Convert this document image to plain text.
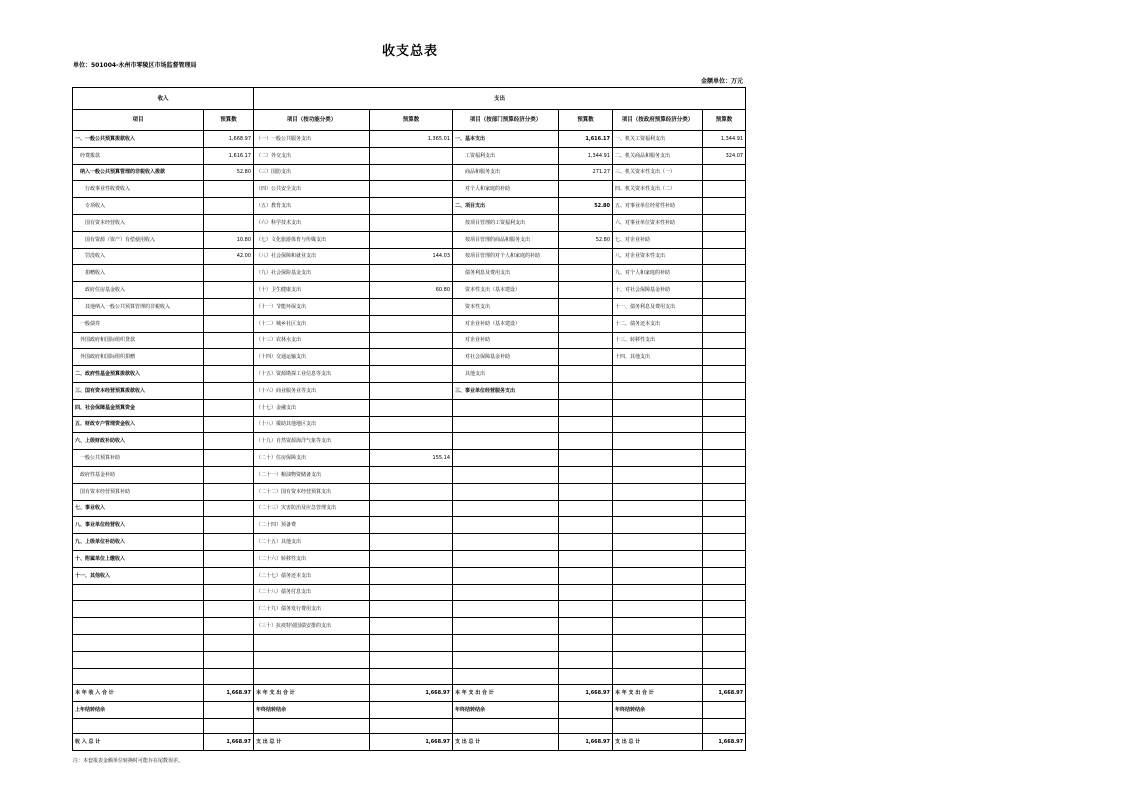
收支总表
单位：501004-永州市零陵区市场监督管理局
金额单位：万元
收入		支出					
项目	预算数	项目（按功能分类）	预算数	项目（按部门预算经济分类）	预算数	项目（按政府预算经济分类）	预算数
一、一般公共预算拨款收入	1,668.97	（一）一般公共服务支出	1,365.01	一、基本支出	1,616.17	一、机关工资福利支出	1,344.91
经费拨款	1,616.17	（二）外交支出		工资福利支出	1,344.91	二、机关商品和服务支出	324.07
纳入一般公共预算管理的非税收入拨款	52.80	（三）国防支出		商品和服务支出	271.27	三、机关资本性支出（一）	
行政事业性收费收入		（四）公共安全支出		对个人和家庭的补助		四、机关资本性支出（二）	
专项收入		（五）教育支出		二、项目支出	52.80	五、对事业单位经常性补助	
国有资本经营收入		（六）科学技术支出		按项目管理的工资福利支出		六、对事业单位资本性补助	
国有资源（资产）有偿使用收入	10.80	（七）文化旅游体育与传媒支出		按项目管理的商品和服务支出	52.80	七、对企业补助	
罚没收入	42.00	（八）社会保障和就业支出	144.03	按项目管理的对个人和家庭的补助		八、对企业资本性支出	
捐赠收入		（九）社会保险基金支出		债务利息及费用支出		九、对个人和家庭的补助	
政府住房基金收入		（十）卫生健康支出	60.80	资本性支出（基本建设）		十、对社会保障基金补助	
其他纳入一般公共预算管理的非税收入		（十一）节能环保支出		资本性支出		十一、债务利息及费用支出	
一般债券		（十二）城乡社区支出		对企业补助（基本建设）		十二、债务还本支出	
外国政府和国际组织贷款		（十三）农林水支出		对企业补助		十三、转移性支出	
外国政府和国际组织捐赠		（十四）交通运输支出		对社会保障基金补助		十四、其他支出	
二、政府性基金预算拨款收入		（十五）资源勘探工业信息等支出		其他支出			
三、国有资本经营预算拨款收入		（十六）商业服务业等支出		三、事业单位经营服务支出			
四、社会保障基金预算资金		（十七）金融支出					
五、财政专户管理资金收入		（十八）援助其他地区支出					
六、上级财政补助收入		（十九）自然资源海洋气象等支出					
一般公共预算补助		（二十）住房保障支出	155.14				
政府性基金补助		（二十一）粮油物资储备支出					
国有资本经营预算补助		（二十二）国有资本经营预算支出					
七、事业收入		（二十三）灾害防治及应急管理支出					
八、事业单位经营收入		（二十四）预备费					
九、上级单位补助收入		（二十五）其他支出					
十、附属单位上缴收入		（二十六）转移性支出					
十一、其他收入		（二十七）债务还本支出					
		（二十八）债务付息支出					
		（二十九）债务发行费用支出					
		（三十）抗疫特别国债安排的支出					

本 年 收 入 合 计	1,668.97	本 年 支 出 合 计	1,668.97	本 年 支 出 合 计	1,668.97	本 年 支 出 合 计	1,668.97
上年结转结余		年终结转结余		年终结转结余		年终结转结余	

收 入 总 计	1,668.97	支 出 总 计	1,668.97	支 出 总 计	1,668.97	支 出 总 计	1,668.97
注：本套报表金额单位转换时可能存在尾数误差。
